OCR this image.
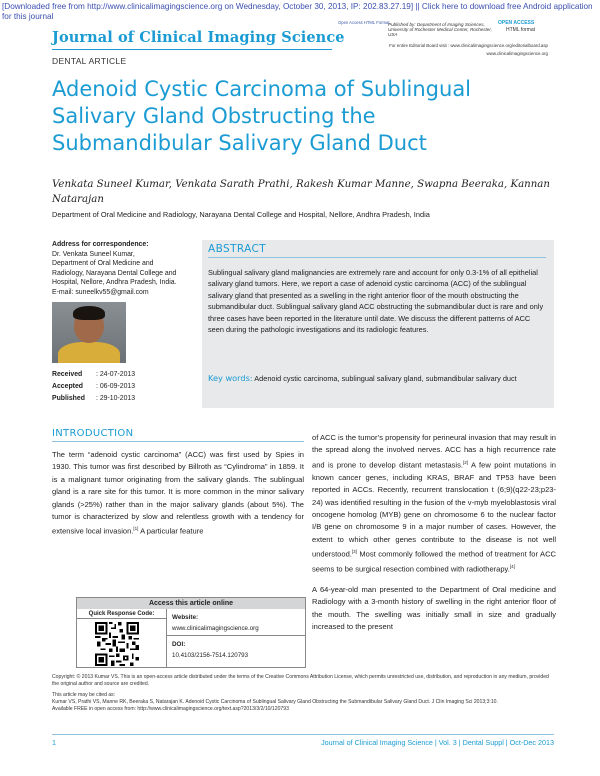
[Downloaded free from http://www.clinicalimagingscience.org on Wednesday, October 30, 2013, IP: 202.83.27.19] || Click here to download free Android application for this journal
Journal of Clinical Imaging Science
Open Access HTML Format
Published by: Department of Imaging Sciences, University of Rochester Medical Center, Rochester, USA
OPEN ACCESS
HTML format
For entire Editorial Board visit : www.clinicalimagingscience.org/editorialboard.asp
www.clinicalimagingscience.org
DENTAL ARTICLE
Adenoid Cystic Carcinoma of Sublingual Salivary Gland Obstructing the Submandibular Salivary Gland Duct
Venkata Suneel Kumar, Venkata Sarath Prathi, Rakesh Kumar Manne, Swapna Beeraka, Kannan Natarajan
Department of Oral Medicine and Radiology, Narayana Dental College and Hospital, Nellore, Andhra Pradesh, India
Address for correspondence:
Dr. Venkata Suneel Kumar,
Department of Oral Medicine and
Radiology, Narayana Dental College and
Hospital, Nellore, Andhra Pradesh, India.
E-mail: suneelkv55@gmail.com
Received	: 24-07-2013
Accepted	: 06-09-2013
Published	: 29-10-2013
ABSTRACT
Sublingual salivary gland malignancies are extremely rare and account for only 0.3-1% of all epithelial salivary gland tumors. Here, we report a case of adenoid cystic carcinoma (ACC) of the sublingual salivary gland that presented as a swelling in the right anterior floor of the mouth obstructing the submandibular duct. Sublingual salivary gland ACC obstructing the submandibular duct is rare and only three cases have been reported in the literature until date. We discuss the different patterns of ACC seen during the pathologic investigations and its radiologic features.
Key words: Adenoid cystic carcinoma, sublingual salivary gland, submandibular salivary duct
INTRODUCTION
The term “adenoid cystic carcinoma” (ACC) was first used by Spies in 1930. This tumor was first described by Billroth as “Cylindroma” in 1859. It is a malignant tumor originating from the salivary glands. The sublingual gland is a rare site for this tumor. It is more common in the minor salivary glands (>25%) rather than in the major salivary glands (about 5%). The tumor is characterized by slow and relentless growth with a tendency for extensive local invasion.[1] A particular feature

of ACC is the tumor’s propensity for perineural invasion that may result in the spread along the involved nerves. ACC has a high recurrence rate and is prone to develop distant metastasis.[2] A few point mutations in known cancer genes, including KRAS, BRAF and TP53 have been reported in ACCs. Recently, recurrent translocation t (6;9)(q22-23;p23-24) was identified resulting in the fusion of the v-myb myeloblastosis viral oncogene homolog (MYB) gene on chromosome 6 to the nuclear factor I/B gene on chromosome 9 in a major number of cases. However, the extent to which other genes contribute to the disease is not well understood.[3] Most commonly followed the method of treatment for ACC seems to be surgical resection combined with radiotherapy.[4]

A 64-year-old man presented to the Department of Oral medicine and Radiology with a 3-month history of swelling in the right anterior floor of the mouth. The swelling was initially small in size and gradually increased to the present

Access this article online
Quick Response Code:	Website:
www.clinicalimagingscience.org
DOI:
10.4103/2156-7514.120793
Copyright: © 2013 Kumar VS. This is an open-access article distributed under the terms of the Creative Commons Attribution License, which permits unrestricted use, distribution, and reproduction in any medium, provided the original author and source are credited.
This article may be cited as:
Kumar VS, Prathi VS, Manne RK, Beeraka S, Natarajan K. Adenoid Cystic Carcinoma of Sublingual Salivary Gland Obstructing the Submandibular Salivary Gland Duct. J Clin Imaging Sci 2013;3:10.
Available FREE in open access from: http://www.clinicalimagingscience.org/text.asp?2013/3/2/10/120793
1	Journal of Clinical Imaging Science | Vol. 3 | Dental Suppl | Oct-Dec 2013
